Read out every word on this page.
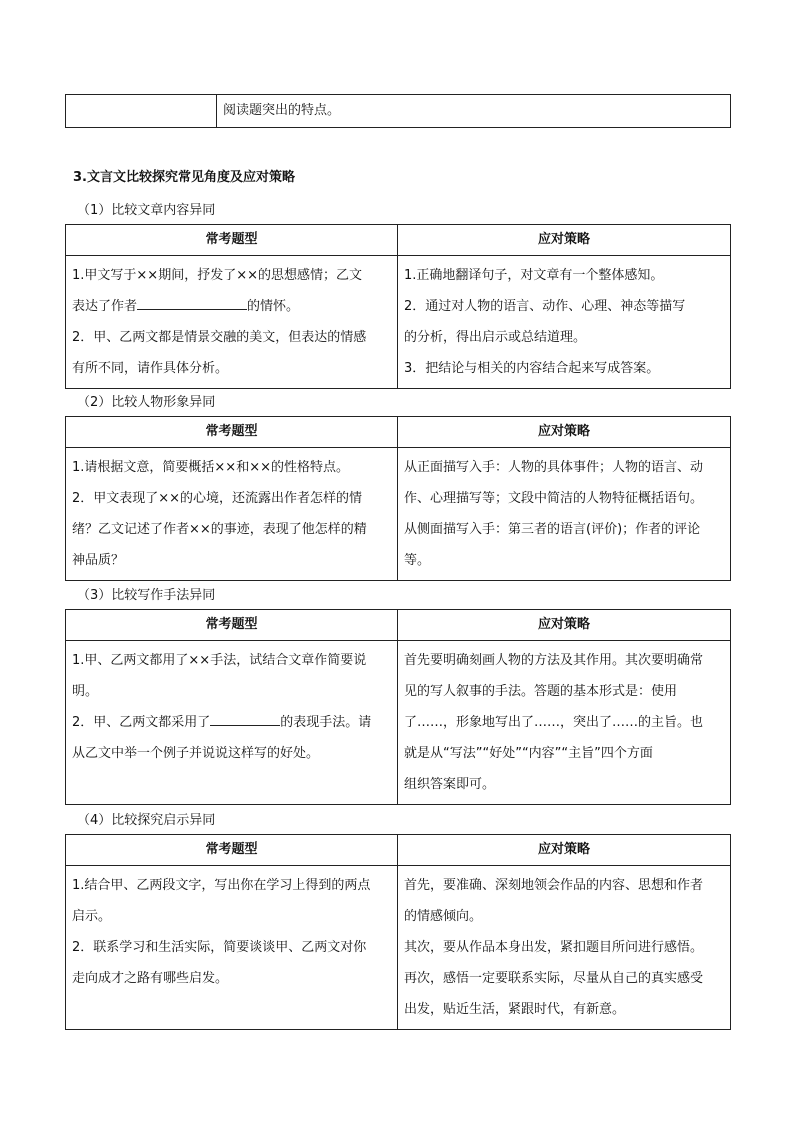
	阅读题突出的特点。
3.文言文比较探究常见角度及应对策略
（1）比较文章内容异同
常考题型	应对策略

1.甲文写于××期间，抒发了××的思想感情；乙文
表达了作者 的情怀。
2．甲、乙两文都是情景交融的美文，但表达的情感
有所不同，请作具体分析。	1.正确地翻译句子，对文章有一个整体感知。
2．通过对人物的语言、动作、心理、神态等描写
的分析，得出启示或总结道理。
3．把结论与相关的内容结合起来写成答案。
（2）比较人物形象异同
常考题型	应对策略

1.请根据文意，简要概括××和××的性格特点。
2．甲文表现了××的心境，还流露出作者怎样的情
绪？乙文记述了作者××的事迹，表现了他怎样的精
神品质？	从正面描写入手：人物的具体事件；人物的语言、动
作、心理描写等；文段中简洁的人物特征概括语句。
从侧面描写入手：第三者的语言(评价)；作者的评论
等。
（3）比较写作手法异同
常考题型	应对策略

1.甲、乙两文都用了××手法，试结合文章作简要说
明。
2．甲、乙两文都采用了 的表现手法。请
从乙文中举一个例子并说说这样写的好处。	首先要明确刻画人物的方法及其作用。其次要明确常
见的写人叙事的手法。答题的基本形式是：使用
了……，形象地写出了……，突出了……的主旨。也
就是从“写法”“好处”“内容”“主旨”四个方面
组织答案即可。
（4）比较探究启示异同
常考题型	应对策略

1.结合甲、乙两段文字，写出你在学习上得到的两点
启示。
2．联系学习和生活实际，简要谈谈甲、乙两文对你
走向成才之路有哪些启发。	首先，要准确、深刻地领会作品的内容、思想和作者
的情感倾向。
其次，要从作品本身出发，紧扣题目所问进行感悟。
再次，感悟一定要联系实际，尽量从自己的真实感受
出发，贴近生活，紧跟时代，有新意。
